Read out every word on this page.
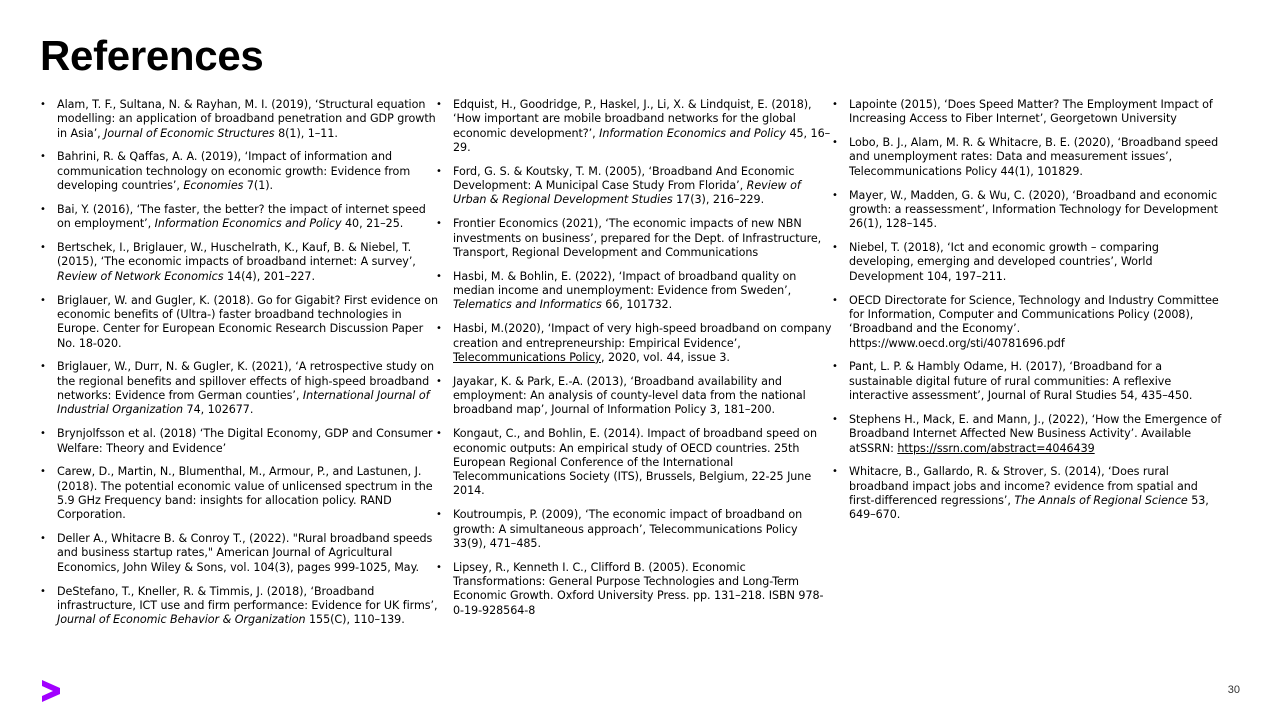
References
• Alam, T. F., Sultana, N. & Rayhan, M. I. (2019), ‘Structural equation modelling: an application of broadband penetration and GDP growth in Asia’, Journal of Economic Structures 8(1), 1–11.
• Bahrini, R. & Qaffas, A. A. (2019), ‘Impact of information and communication technology on economic growth: Evidence from developing countries’, Economies 7(1).
• Bai, Y. (2016), ‘The faster, the better? the impact of internet speed on employment’, Information Economics and Policy 40, 21–25.
• Bertschek, I., Briglauer, W., Huschelrath, K., Kauf, B. & Niebel, T. (2015), ‘The economic impacts of broadband internet: A survey’, Review of Network Economics 14(4), 201–227.
• Briglauer, W. and Gugler, K. (2018). Go for Gigabit? First evidence on economic benefits of (Ultra-) faster broadband technologies in Europe. Center for European Economic Research Discussion Paper No. 18-020.
• Briglauer, W., Durr, N. & Gugler, K. (2021), ‘A retrospective study on the regional benefits and spillover effects of high-speed broadband networks: Evidence from German counties’, International Journal of Industrial Organization 74, 102677.
• Brynjolfsson et al. (2018) ‘The Digital Economy, GDP and Consumer Welfare: Theory and Evidence’
• Carew, D., Martin, N., Blumenthal, M., Armour, P., and Lastunen, J. (2018). The potential economic value of unlicensed spectrum in the 5.9 GHz Frequency band: insights for allocation policy. RAND Corporation.
• Deller A., Whitacre B. & Conroy T., (2022). "Rural broadband speeds and business startup rates," American Journal of Agricultural Economics, John Wiley & Sons, vol. 104(3), pages 999-1025, May.
• DeStefano, T., Kneller, R. & Timmis, J. (2018), ‘Broadband infrastructure, ICT use and firm performance: Evidence for UK firms’, Journal of Economic Behavior & Organization 155(C), 110–139.
• Edquist, H., Goodridge, P., Haskel, J., Li, X. & Lindquist, E. (2018), ‘How important are mobile broadband networks for the global economic development?’, Information Economics and Policy 45, 16–29.
• Ford, G. S. & Koutsky, T. M. (2005), ‘Broadband And Economic Development: A Municipal Case Study From Florida’, Review of Urban & Regional Development Studies 17(3), 216–229.
• Frontier Economics (2021), ‘The economic impacts of new NBN investments on business’, prepared for the Dept. of Infrastructure, Transport, Regional Development and Communications
• Hasbi, M. & Bohlin, E. (2022), ‘Impact of broadband quality on median income and unemployment: Evidence from Sweden’, Telematics and Informatics 66, 101732.
• Hasbi, M.(2020), ‘Impact of very high-speed broadband on company creation and entrepreneurship: Empirical Evidence’, Telecommunications Policy, 2020, vol. 44, issue 3.
• Jayakar, K. & Park, E.-A. (2013), ‘Broadband availability and employment: An analysis of county-level data from the national broadband map’, Journal of Information Policy 3, 181–200.
• Kongaut, C., and Bohlin, E. (2014). Impact of broadband speed on economic outputs: An empirical study of OECD countries. 25th European Regional Conference of the International Telecommunications Society (ITS), Brussels, Belgium, 22-25 June 2014.
• Koutroumpis, P. (2009), ‘The economic impact of broadband on growth: A simultaneous approach’, Telecommunications Policy 33(9), 471–485.
• Lipsey, R., Kenneth I. C., Clifford B. (2005). Economic Transformations: General Purpose Technologies and Long-Term Economic Growth. Oxford University Press. pp. 131–218. ISBN 978-0-19-928564-8
• Lapointe (2015), ‘Does Speed Matter? The Employment Impact of Increasing Access to Fiber Internet’, Georgetown University
• Lobo, B. J., Alam, M. R. & Whitacre, B. E. (2020), ‘Broadband speed and unemployment rates: Data and measurement issues’, Telecommunications Policy 44(1), 101829.
• Mayer, W., Madden, G. & Wu, C. (2020), ‘Broadband and economic growth: a reassessment’, Information Technology for Development 26(1), 128–145.
• Niebel, T. (2018), ‘Ict and economic growth – comparing developing, emerging and developed countries’, World Development 104, 197–211.
• OECD Directorate for Science, Technology and Industry Committee for Information, Computer and Communications Policy (2008), ‘Broadband and the Economy’. https://www.oecd.org/sti/40781696.pdf
• Pant, L. P. & Hambly Odame, H. (2017), ‘Broadband for a sustainable digital future of rural communities: A reflexive interactive assessment’, Journal of Rural Studies 54, 435–450.
• Stephens H., Mack, E. and Mann, J., (2022), ‘How the Emergence of Broadband Internet Affected New Business Activity’. Available atSSRN: https://ssrn.com/abstract=4046439
• Whitacre, B., Gallardo, R. & Strover, S. (2014), ‘Does rural broadband impact jobs and income? evidence from spatial and first-differenced regressions’, The Annals of Regional Science 53, 649–670.
30
